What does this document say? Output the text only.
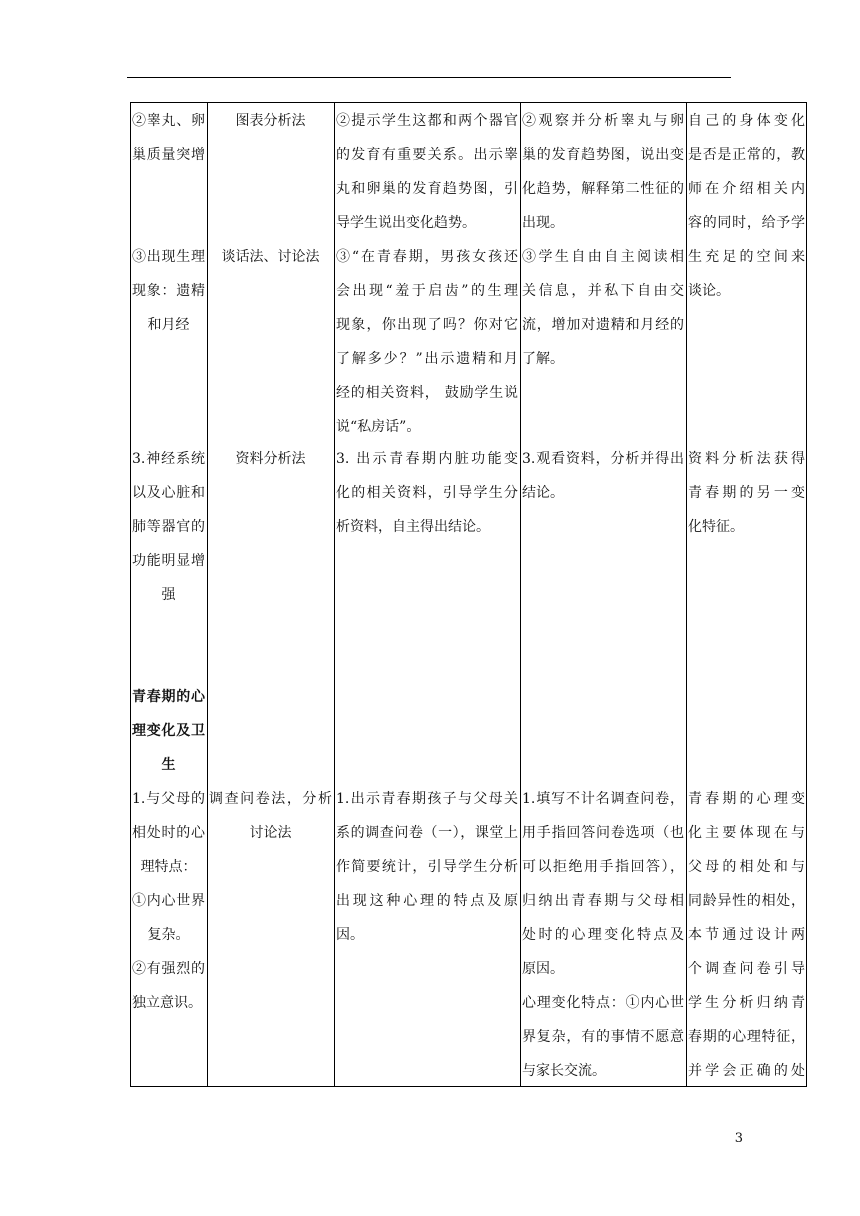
②睾丸、卵
巢质量突增
③出现生理
现象：遗精
和月经
3.神经系统
以及心脏和
肺等器官的
功能明显增
强
青春期的心
理变化及卫
生
1.与父母的
相处时的心
理特点：
①内心世界
复杂。
②有强烈的
独立意识。
图表分析法
谈话法、讨论法
资料分析法
调查问卷法，分析
讨论法
②提示学生这都和两个器官
的发育有重要关系。出示睾
丸和卵巢的发育趋势图，引
导学生说出变化趋势。
③“在青春期，男孩女孩还
会出现“羞于启齿”的生理
现象，你出现了吗？你对它
了解多少？”出示遗精和月
经的相关资料， 鼓励学生说
说“私房话”。
3. 出示青春期内脏功能变
化的相关资料，引导学生分
析资料，自主得出结论。
1.出示青春期孩子与父母关
系的调查问卷（一），课堂上
作简要统计，引导学生分析
出现这种心理的特点及原
因。
②观察并分析睾丸与卵
巢的发育趋势图，说出变
化趋势，解释第二性征的
出现。
③学生自由自主阅读相
关信息，并私下自由交
流，增加对遗精和月经的
了解。
3.观看资料，分析并得出
结论。
1.填写不计名调查问卷，
用手指回答问卷选项（也
可以拒绝用手指回答），
归纳出青春期与父母相
处时的心理变化特点及
原因。
心理变化特点：①内心世
界复杂，有的事情不愿意
与家长交流。
自己的身体变化
是否是正常的，教
师在介绍相关内
容的同时，给予学
生充足的空间来
谈论。
资料分析法获得
青春期的另一变
化特征。
青春期的心理变
化主要体现在与
父母的相处和与
同龄异性的相处，
本节通过设计两
个调查问卷引导
学生分析归纳青
春期的心理特征，
并学会正确的处
3
